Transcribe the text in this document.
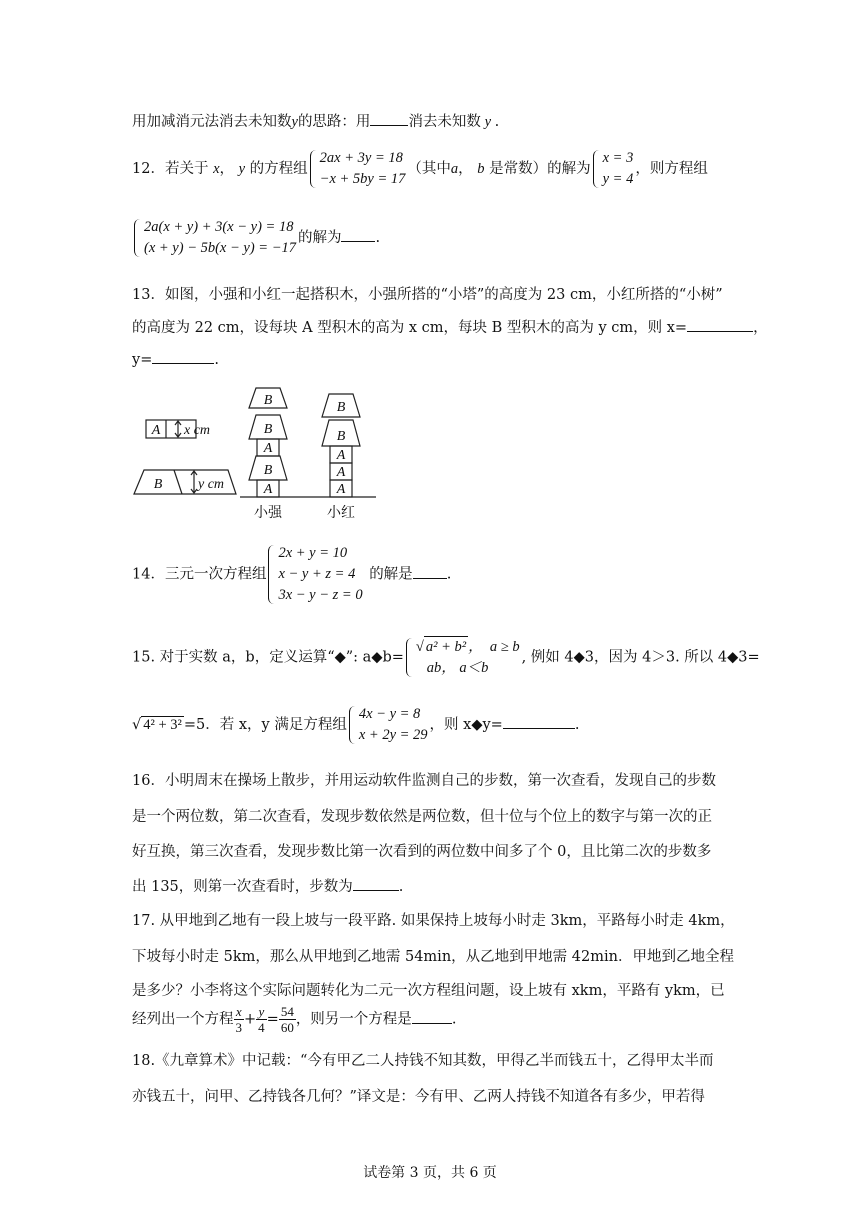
用加减消元法消去未知数y的思路：用	消去未知数 y .
12．若关于 x， y 的方程组
2ax + 3y = 18
−x + 5by = 17
（其中a， b 是常数）的解为
x = 3
y = 4
，则方程组
2a(x + y) + 3(x − y) = 18
(x + y) − 5b(x − y) = −17
的解为 .
13．如图，小强和小红一起搭积木，小强所搭的“小塔”的高度为 23 cm，小红所搭的“小树”
的高度为 22 cm，设每块 A 型积木的高为 x cm，每块 B 型积木的高为 y cm，则 x=	，
y=	.
A
B	A
B
A
B
B
A
A
A
B
B
x cm
y cm
小强	小红
14．三元一次方程组
2x + y = 10
x − y + z = 4
3x − y − z = 0
的解是 .
15. 对于实数 a，b，定义运算“◆”: a◆b=
√ a² + b² ，  a ≥ b
ab， a＜b
, 例如 4◆3，因为 4＞3. 所以 4◆3=
√ 4² + 3² =5．若 x，y 满足方程组
4x − y = 8
x + 2y = 29
，则 x◆y=	.
16．小明周末在操场上散步，并用运动软件监测自己的步数，第一次查看，发现自己的步数
是一个两位数，第二次查看，发现步数依然是两位数，但十位与个位上的数字与第一次的正
好互换，第三次查看，发现步数比第一次看到的两位数中间多了个 0，且比第二次的步数多
出 135，则第一次查看时，步数为	.
17. 从甲地到乙地有一段上坡与一段平路. 如果保持上坡每小时走 3km，平路每小时走 4km，
下坡每小时走 5km，那么从甲地到乙地需 54min，从乙地到甲地需 42min．甲地到乙地全程
是多少？小李将这个实际问题转化为二元一次方程组问题，设上坡有 xkm，平路有 ykm，已
经列出一个方程 $\frac{x}{3} + \frac{y}{4} = \frac{54}{60}$ ，则另一个方程是	.
18.《九章算术》中记载：“今有甲乙二人持钱不知其数，甲得乙半而钱五十，乙得甲太半而
亦钱五十，问甲、乙持钱各几何？”译文是：今有甲、乙两人持钱不知道各有多少，甲若得
试卷第 3 页，共 6 页
